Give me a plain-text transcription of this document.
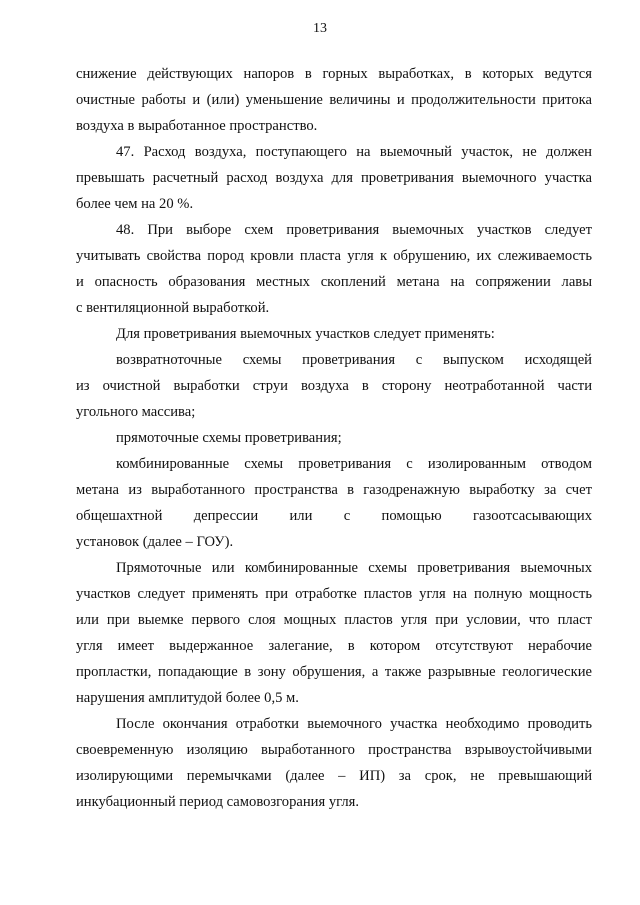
13
снижение действующих напоров в горных выработках, в которых ведутся
очистные работы и (или) уменьшение величины и продолжительности притока
воздуха в выработанное пространство.
47. Расход воздуха, поступающего на выемочный участок, не должен
превышать расчетный расход воздуха для проветривания выемочного участка
более чем на 20 %.
48. При выборе схем проветривания выемочных участков следует
учитывать свойства пород кровли пласта угля к обрушению, их слеживаемость
и опасность образования местных скоплений метана на сопряжении лавы
с вентиляционной выработкой.
Для проветривания выемочных участков следует применять:
возвратноточные схемы проветривания с выпуском исходящей
из очистной выработки струи воздуха в сторону неотработанной части
угольного массива;
прямоточные схемы проветривания;
комбинированные схемы проветривания с изолированным отводом
метана из выработанного пространства в газодренажную выработку за счет
общешахтной депрессии или с помощью газоотсасывающих
установок (далее – ГОУ).
Прямоточные или комбинированные схемы проветривания выемочных
участков следует применять при отработке пластов угля на полную мощность
или при выемке первого слоя мощных пластов угля при условии, что пласт
угля имеет выдержанное залегание, в котором отсутствуют нерабочие
пропластки, попадающие в зону обрушения, а также разрывные геологические
нарушения амплитудой более 0,5 м.
После окончания отработки выемочного участка необходимо проводить
своевременную изоляцию выработанного пространства взрывоустойчивыми
изолирующими перемычками (далее – ИП) за срок, не превышающий
инкубационный период самовозгорания угля.
